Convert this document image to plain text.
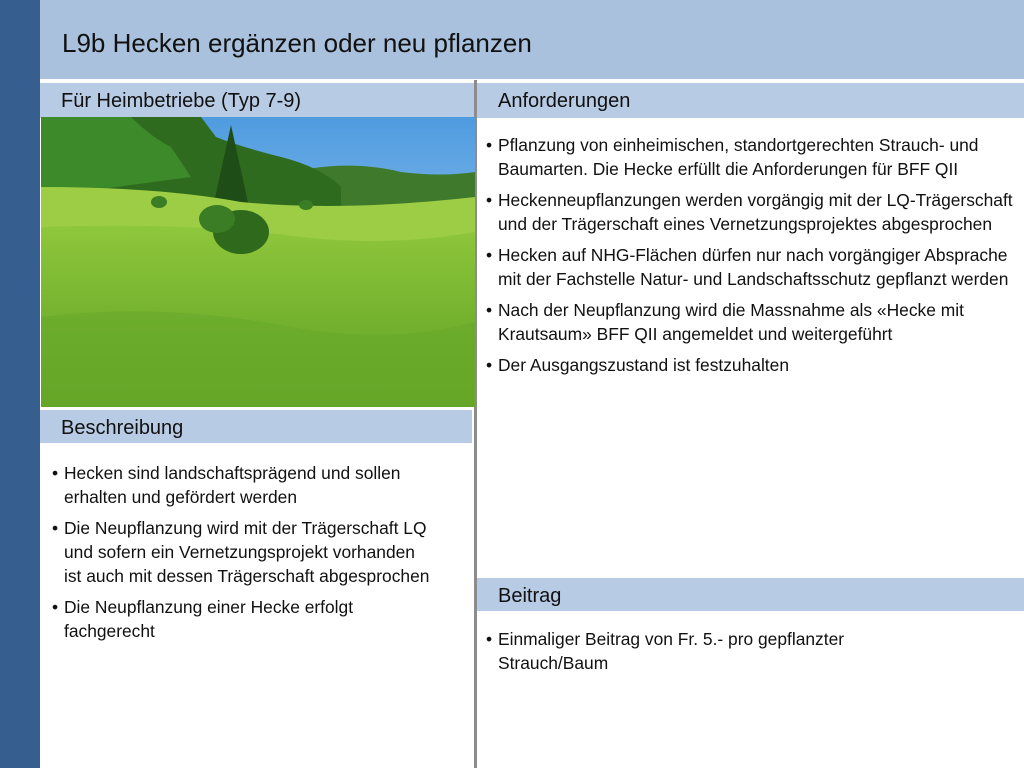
L9b Hecken ergänzen oder neu pflanzen
Für Heimbetriebe (Typ 7-9)	Anforderungen
Beschreibung
• Hecken sind landschaftsprägend und sollen erhalten und gefördert werden
• Die Neupflanzung wird mit der Trägerschaft LQ und sofern ein Vernetzungsprojekt vorhanden ist auch mit dessen Trägerschaft abgesprochen
• Die Neupflanzung einer Hecke erfolgt fachgerecht
• Pflanzung von einheimischen, standortgerechten Strauch- und Baumarten. Die Hecke erfüllt die Anforderungen für BFF QII
• Heckenneupflanzungen werden vorgängig mit der LQ-Trägerschaft und der Trägerschaft eines Vernetzungsprojektes abgesprochen
• Hecken auf NHG-Flächen dürfen nur nach vorgängiger Absprache mit der Fachstelle Natur- und Landschaftsschutz gepflanzt werden
• Nach der Neupflanzung wird die Massnahme als «Hecke mit Krautsaum» BFF QII angemeldet und weitergeführt
• Der Ausgangszustand ist festzuhalten
Beitrag
• Einmaliger Beitrag von Fr. 5.- pro gepflanzter Strauch/Baum
